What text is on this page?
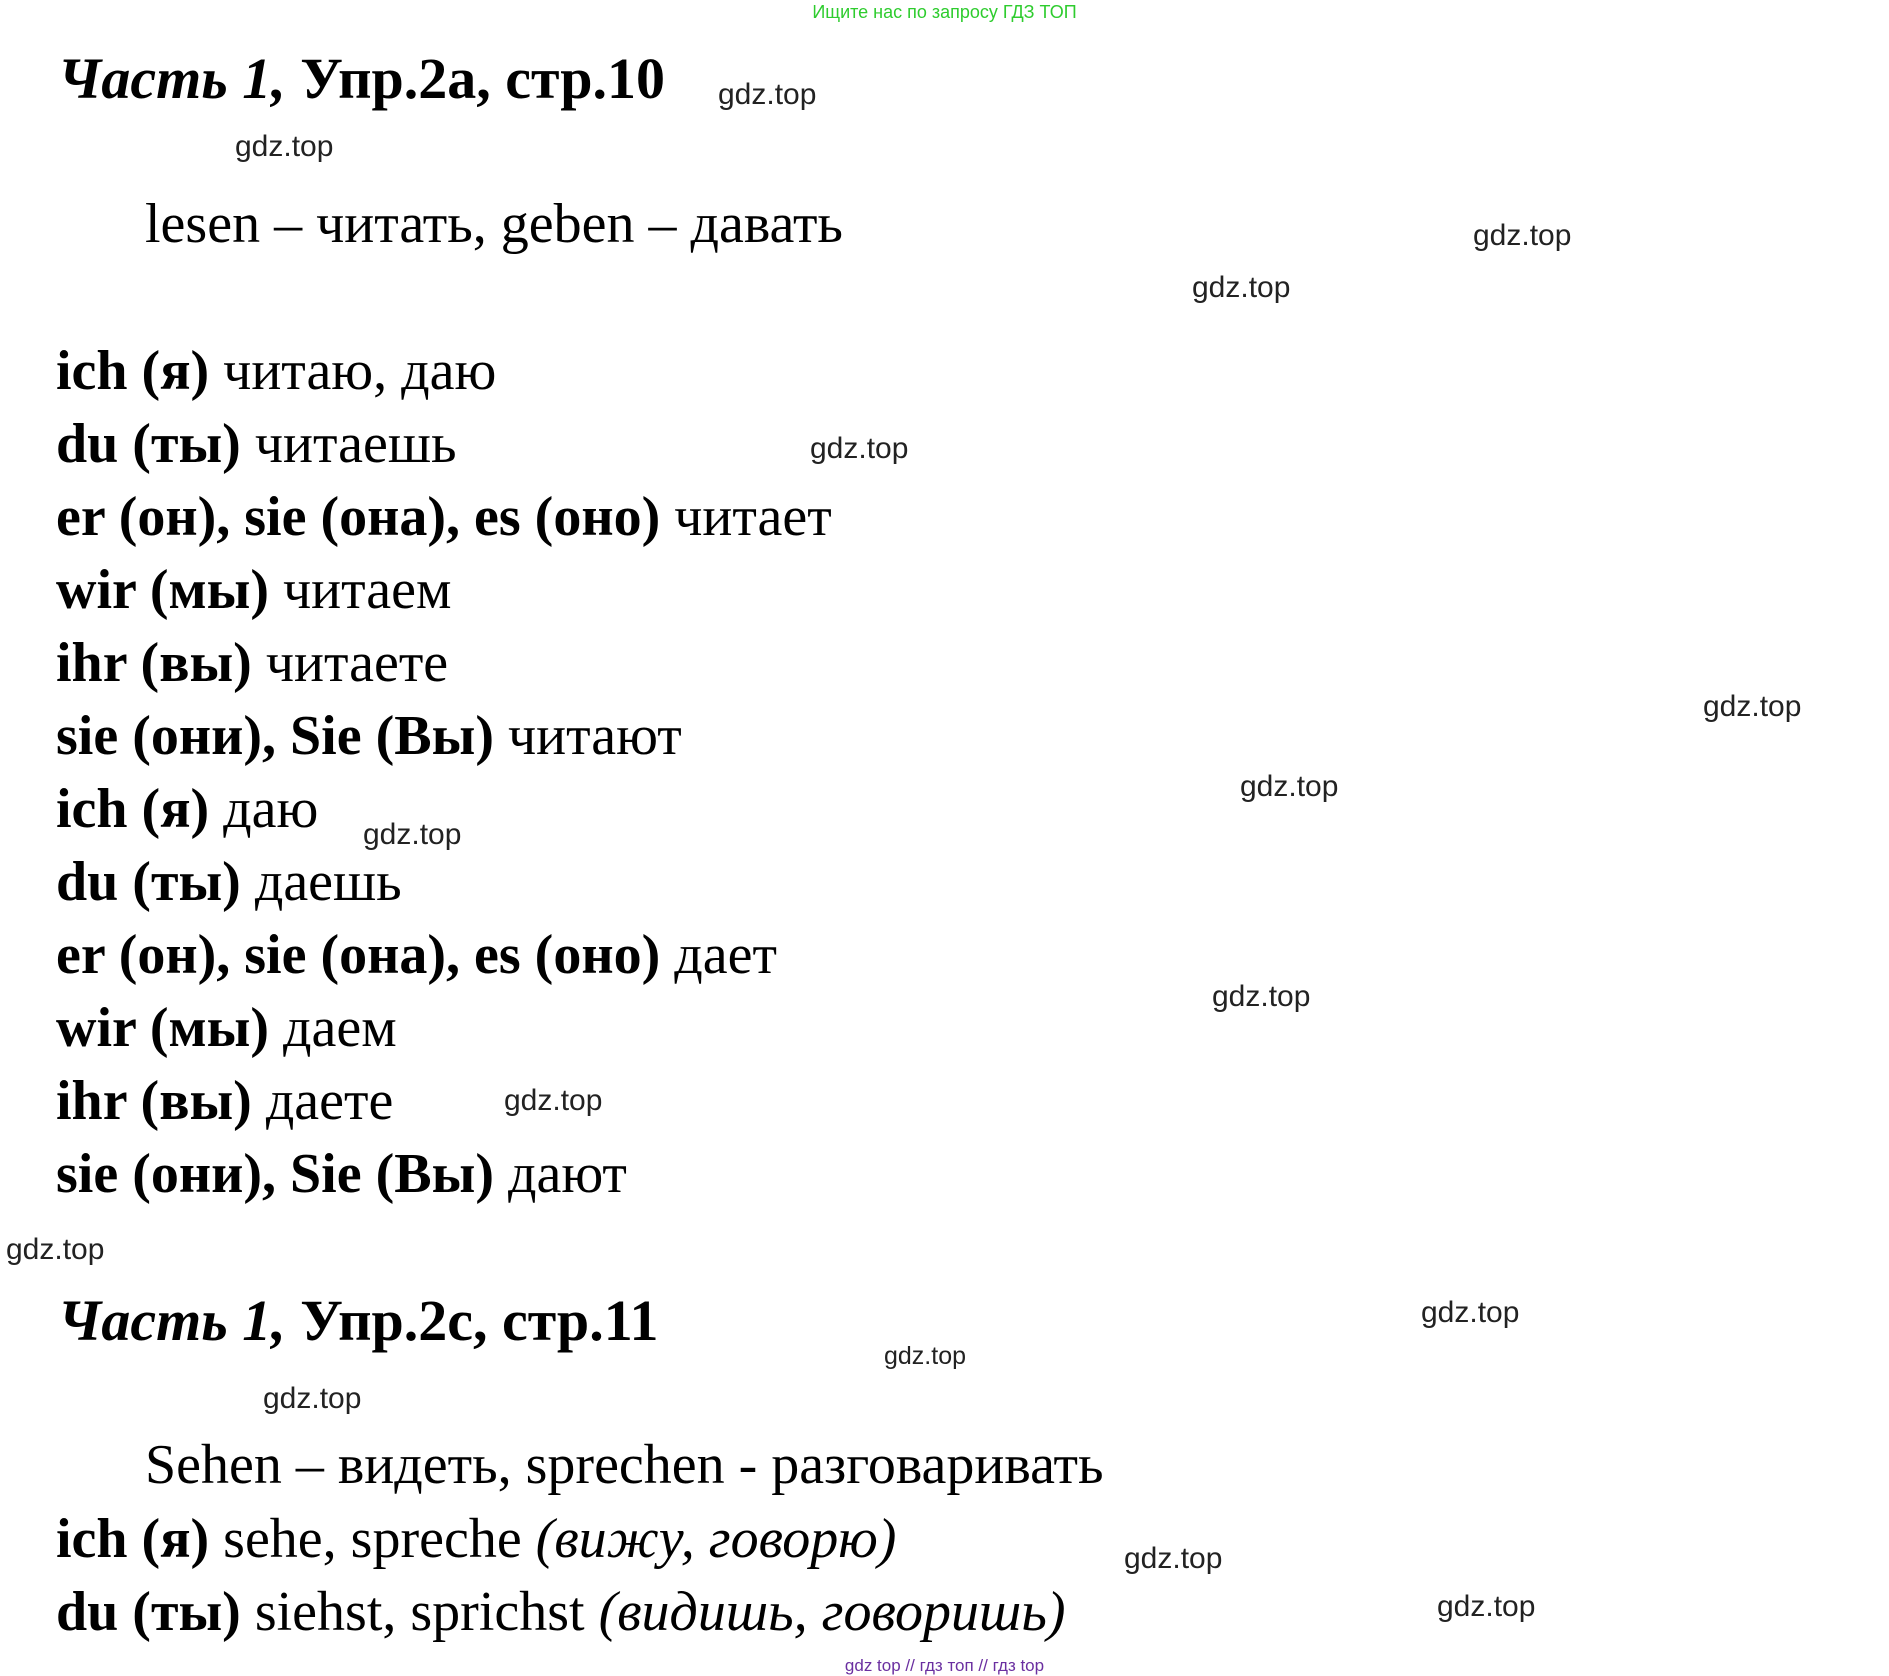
Ищите нас по запросу ГДЗ ТОП
Часть 1, Упр.2a, стр.10
lesen – читать, geben – давать
ich (я) читаю, даю
du (ты) читаешь
er (он), sie (она), es (оно) читает
wir (мы) читаем
ihr (вы) читаете
sie (они), Sie (Вы) читают
ich (я) даю
du (ты) даешь
er (он), sie (она), es (оно) дает
wir (мы) даем
ihr (вы) даете
sie (они), Sie (Вы) дают
Часть 1, Упр.2c, стр.11
Sehen – видеть, sprechen - разговаривать
ich (я) sehe, spreche (вижу, говорю)
du (ты) siehst, sprichst (видишь, говоришь)
gdz.top
gdz.top
gdz.top
gdz.top
gdz.top
gdz.top
gdz.top
gdz.top
gdz.top
gdz.top
gdz.top
gdz.top
gdz.top
gdz.top
gdz.top
gdz.top
gdz top // гдз топ // гдз top
